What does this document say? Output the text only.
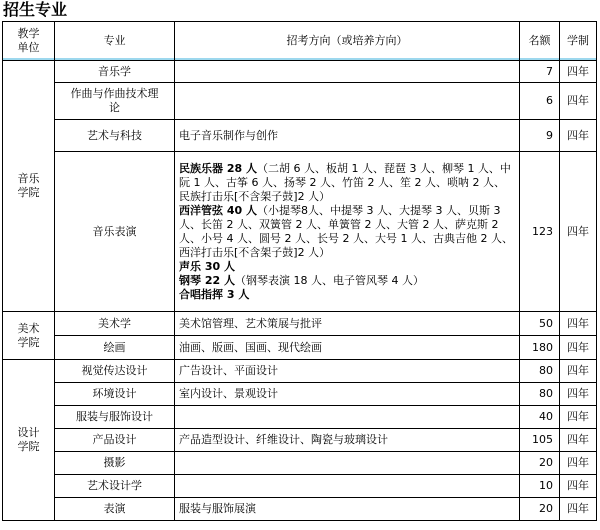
招生专业
教学单位	专业	招考方向（或培养方向）	名额	学制
音乐学院	音乐学		7	四年
	作曲与作曲技术理论		6	四年
	艺术与科技	电子音乐制作与创作	9	四年
	音乐表演	民族乐器 28 人（二胡 6 人、板胡 1 人、琵琶 3 人、柳琴 1 人、中阮 1 人、古筝 6 人、扬琴 2 人、竹笛 2 人、笙 2 人、唢呐 2 人、民族打击乐[不含架子鼓]2 人）
西洋管弦 40 人（小提琴8人、中提琴 3 人、大提琴 3 人、贝斯 3 人、长笛 2 人、双簧管 2 人、单簧管 2 人、大管 2 人、萨克斯 2 人、小号 4 人、圆号 2 人、长号 2 人、大号 1 人、古典吉他 2 人、西洋打击乐[不含架子鼓]2 人）
声乐 30 人
钢琴 22 人（钢琴表演 18 人、电子管风琴 4 人）
合唱指挥 3 人	123	四年
美术学院	美术学	美术馆管理、艺术策展与批评	50	四年
	绘画	油画、版画、国画、现代绘画	180	四年
设计学院	视觉传达设计	广告设计、平面设计	80	四年
	环境设计	室内设计、景观设计	80	四年
	服装与服饰设计		40	四年
	产品设计	产品造型设计、纤维设计、陶瓷与玻璃设计	105	四年
	摄影		20	四年
	艺术设计学		10	四年
	表演	服装与服饰展演	20	四年
